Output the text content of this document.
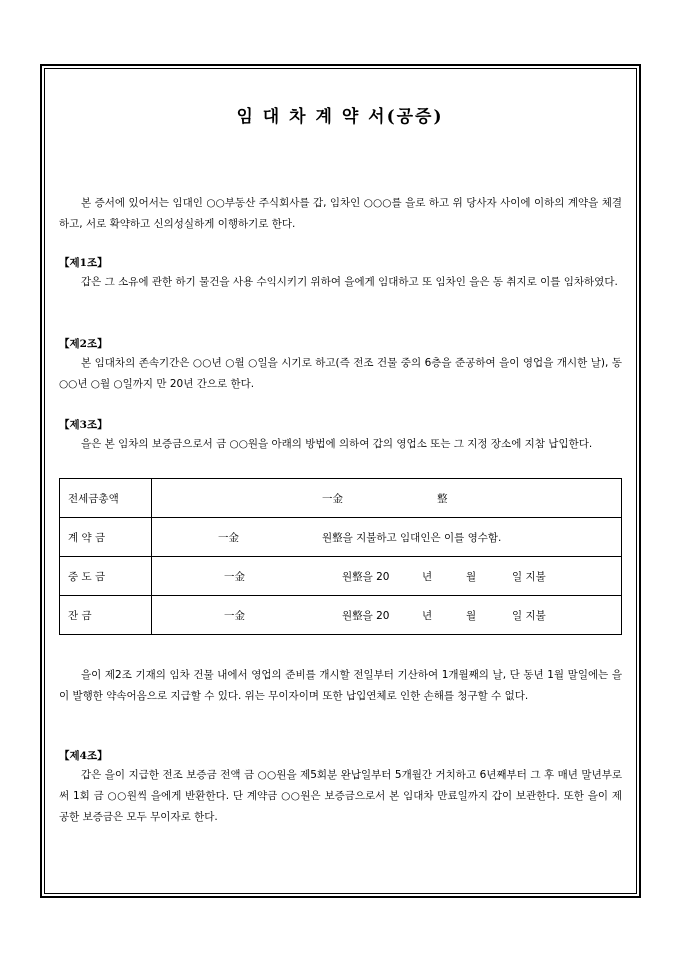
임 대 차 계 약 서(공증)
본 증서에 있어서는 임대인 ○○부동산 주식회사를 갑, 임차인 ○○○를 을로 하고 위 당사자 사이에 이하의 계약을 체결하고, 서로 확약하고 신의성실하게 이행하기로 한다.
【제1조】
갑은 그 소유에 관한 하기 물건을 사용 수익시키기 위하여 을에게 임대하고 또 임차인 을은 동 취지로 이를 임차하였다.
【제2조】
본 임대차의 존속기간은 ○○년 ○월 ○일을 시기로 하고(즉 전조 건물 중의 6층을 준공하여 을이 영업을 개시한 날), 동 ○○년 ○월 ○일까지 만 20년 간으로 한다.
【제3조】
을은 본 임차의 보증금으로서 금 ○○원을 아래의 방법에 의하여 갑의 영업소 또는 그 지정 장소에 지참 납입한다.
전세금총액	一金 整

계 약 금	一金 원整을 지불하고 임대인은 이를 영수함.

중 도 금	一金 원整을 20 년 월 일 지불

잔 금	一金 원整을 20 년 월 일 지불
을이 제2조 기재의 임차 건물 내에서 영업의 준비를 개시할 전일부터 기산하여 1개월째의 날, 단 동년 1월 말일에는 을이 발행한 약속어음으로 지급할 수 있다. 위는 무이자이며 또한 납입연체로 인한 손해를 청구할 수 없다.
【제4조】
갑은 을이 지급한 전조 보증금 전액 금 ○○원을 제5회분 완납일부터 5개월간 거치하고 6년째부터 그 후 매년 말년부로써 1회 금 ○○원씩 을에게 반환한다. 단 계약금 ○○원은 보증금으로서 본 임대차 만료일까지 갑이 보관한다. 또한 을이 제공한 보증금은 모두 무이자로 한다.
